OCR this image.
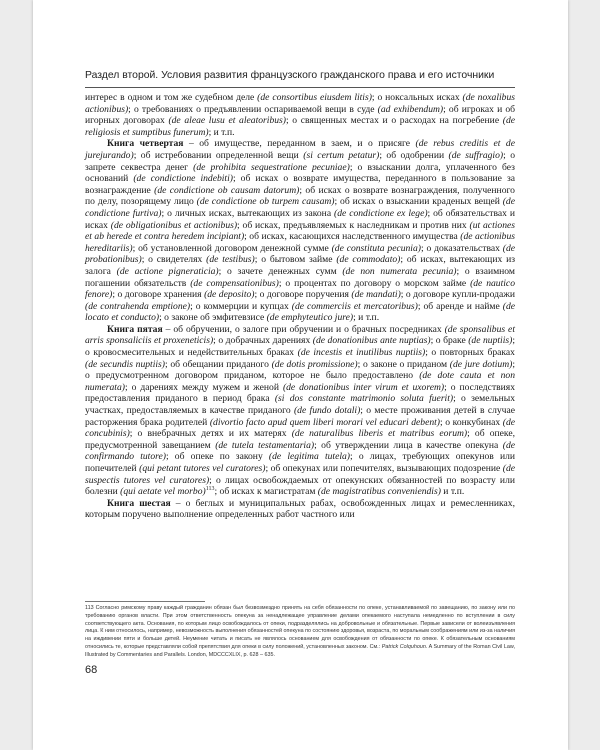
Раздел второй. Условия развития французского гражданского права и его источники

интерес в одном и том же судебном деле (de consortibus eiusdem litis); о ноксальных исках (de noxalibus actionibus); о требованиях о предъявлении оспариваемой вещи в суде (ad exhibendum); об игроках и об игорных договорах (de aleae lusu et aleatoribus); о священных местах и о расходах на погребение (de religiosis et sumptibus funerum); и т.п.

Книга четвертая – об имуществе, переданном в заем, и о присяге (de rebus creditis et de jurejurando); об истребовании определенной вещи (si certum petatur); об одобрении (de suffragio); о запрете секвестра денег (de prohibita sequestratione pecuniae); о взыскании долга, уплаченного без оснований (de condictione indebiti); об исках о возврате имущества, переданного в пользование за вознаграждение (de condictione ob causam datorum); об исках о возврате вознаграждения, полученного по делу, позорящему лицо (de condictione ob turpem causam); об исках о взыскании краденых вещей (de condictione furtiva); о личных исках, вытекающих из закона (de condictione ex lege); об обязательствах и исках (de obligationibus et actionibus); об исках, предъявляемых к наследникам и против них (ut actiones et ab herede et contra heredem incipiant); об исках, касающихся наследственного имущества (de actionibus hereditariis); об установленной договором денежной сумме (de constituta pecunia); о доказательствах (de probationibus); о свидетелях (de testibus); о бытовом займе (de commodato); об исках, вытекающих из залога (de actione pigneraticia); о зачете денежных сумм (de non numerata pecunia); о взаимном погашении обязательств (de compensationibus); о процентах по договору о морском займе (de nautico fenore); о договоре хранения (de deposito); о договоре поручения (de mandati); о договоре купли-продажи (de contrahenda emptione); о коммерции и купцах (de commerciis et mercatoribus); об аренде и найме (de locato et conducto); о законе об эмфитевзисе (de emphyteutico jure); и т.п.

Книга пятая – об обручении, о залоге при обручении и о брачных посредниках (de sponsalibus et arris sponsaliciis et proxeneticis); о добрачных дарениях (de donationibus ante nuptias); о браке (de nuptiis); о кровосмесительных и недействительных браках (de incestis et inutilibus nuptiis); о повторных браках (de secundis nuptiis); об обещании приданого (de dotis promissione); о законе о приданом (de jure dotium); о предусмотренном договором приданом, которое не было предоставлено (de dote cauta et non numerata); о дарениях между мужем и женой (de donationibus inter virum et uxorem); о последствиях предоставления приданого в период брака (si dos constante matrimonio soluta fuerit); о земельных участках, предоставляемых в качестве приданого (de fundo dotali); о месте проживания детей в случае расторжения брака родителей (divortio facto apud quem liberi morari vel educari debent); о конкубинах (de concubinis); о внебрачных детях и их матерях (de naturalibus liberis et matribus eorum); об опеке, предусмотренной завещанием (de tutela testamentaria); об утверждении лица в качестве опекуна (de confirmando tutore); об опеке по закону (de legitima tutela); о лицах, требующих опекунов или попечителей (qui petant tutores vel curatores); об опекунах или попечителях, вызывающих подозрение (de suspectis tutores vel curatores); о лицах освобождаемых от опекунских обязанностей по возрасту или болезни (qui aetate vel morbo)$^{113}$; об исках к магистратам (de magistratibus conveniendis) и т.п.

Книга шестая – о беглых и муниципальных рабах, освобожденных лицах и ремесленниках, которым поручено выполнение определенных работ частного или

113 Согласно римскому праву каждый гражданин обязан был безвозмездно принять на себя обязанности по опеке, устанавливаемой по завещанию, по закону или по требованию органов власти. При этом ответственность опекуна за ненадлежащее управление делами опекаемого наступала немедленно по вступлении в силу соответствующего акта. Основания, по которым лицо освобождалось от опеки, подразделялись на добровольные и обязательные. Первые зависели от волеизъявления лица. К ним относилось, например, невозможность выполнения обязанностей опекуна по состоянию здоровья, возраста, по моральным соображениям или из-за наличия на иждивении пяти и больше детей. Неумение читать и писать не являлось основанием для освобождения от обязанности по опеке. К обязательным основаниям относились те, которые представляли собой препятствия для опеки в силу положений, установленных законом. См.: Patrick Colquhoun. A Summary of the Roman Civil Law, Illustrated by Commentaries and Parallels. London, MDCCCXLIX, p. 628 – 635.
68
